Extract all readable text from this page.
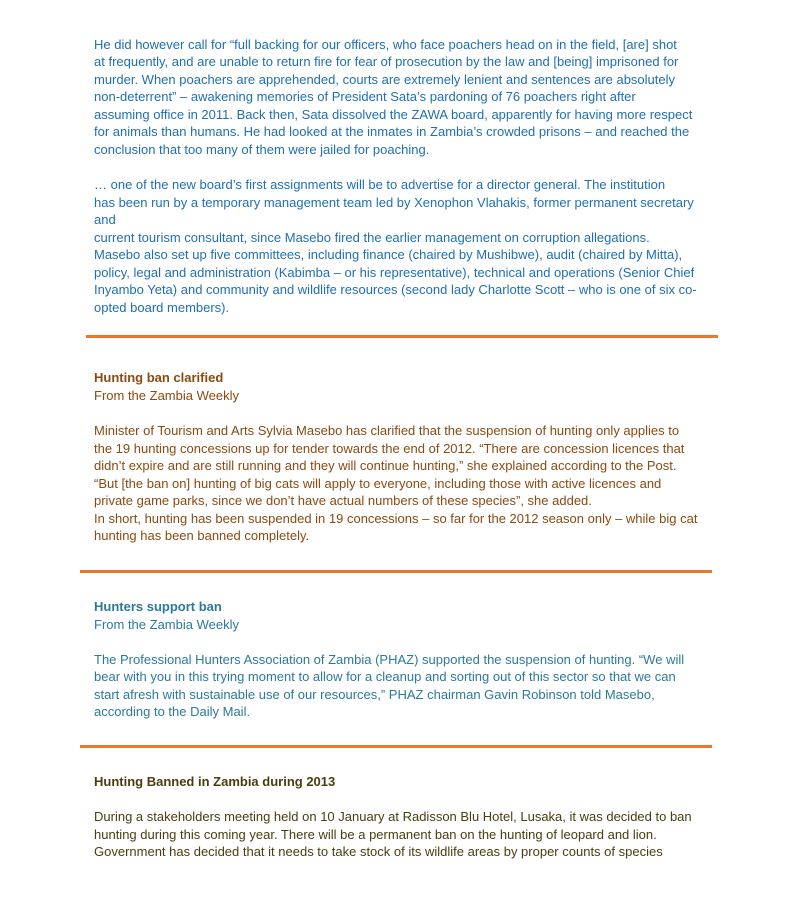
He did however call for “full backing for our officers, who face poachers head on in the field, [are] shot
at frequently, and are unable to return fire for fear of prosecution by the law and [being] imprisoned for
murder. When poachers are apprehended, courts are extremely lenient and sentences are absolutely
non-deterrent” – awakening memories of President Sata’s pardoning of 76 poachers right after
assuming office in 2011. Back then, Sata dissolved the ZAWA board, apparently for having more respect
for animals than humans. He had looked at the inmates in Zambia’s crowded prisons – and reached the
conclusion that too many of them were jailed for poaching.
… one of the new board’s first assignments will be to advertise for a director general. The institution
has been run by a temporary management team led by Xenophon Vlahakis, former permanent secretary
and
current tourism consultant, since Masebo fired the earlier management on corruption allegations.
Masebo also set up five committees, including finance (chaired by Mushibwe), audit (chaired by Mitta),
policy, legal and administration (Kabimba – or his representative), technical and operations (Senior Chief
Inyambo Yeta) and community and wildlife resources (second lady Charlotte Scott – who is one of six co-
opted board members).
Hunting ban clarified
From the Zambia Weekly
Minister of Tourism and Arts Sylvia Masebo has clarified that the suspension of hunting only applies to
the 19 hunting concessions up for tender towards the end of 2012. “There are concession licences that
didn’t expire and are still running and they will continue hunting,” she explained according to the Post.
“But [the ban on] hunting of big cats will apply to everyone, including those with active licences and
private game parks, since we don’t have actual numbers of these species”, she added.
In short, hunting has been suspended in 19 concessions – so far for the 2012 season only – while big cat
hunting has been banned completely.
Hunters support ban
From the Zambia Weekly
The Professional Hunters Association of Zambia (PHAZ) supported the suspension of hunting. “We will
bear with you in this trying moment to allow for a cleanup and sorting out of this sector so that we can
start afresh with sustainable use of our resources,” PHAZ chairman Gavin Robinson told Masebo,
according to the Daily Mail.
Hunting Banned in Zambia during 2013
During a stakeholders meeting held on 10 January at Radisson Blu Hotel, Lusaka, it was decided to ban
hunting during this coming year. There will be a permanent ban on the hunting of leopard and lion.
Government has decided that it needs to take stock of its wildlife areas by proper counts of species
